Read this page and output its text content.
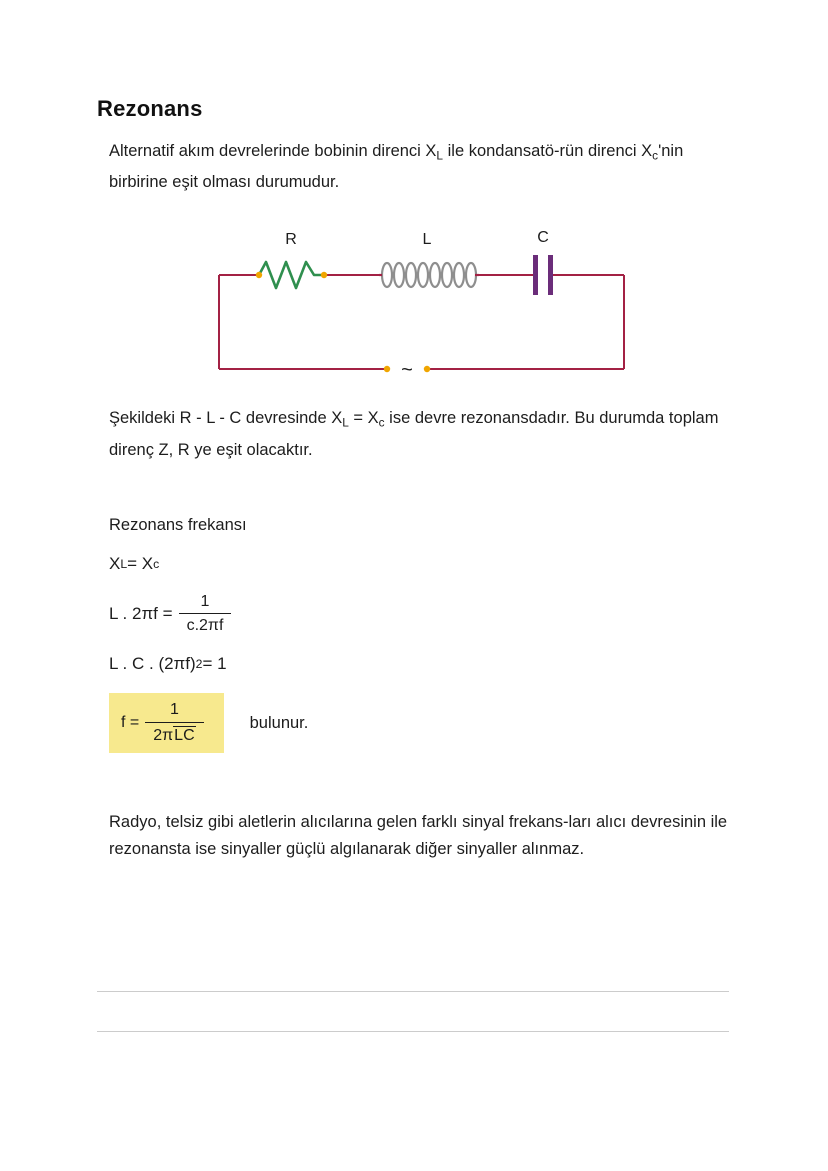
Rezonans

Alternatif akım devrelerinde bobinin direnci $X_L$ ile kondansatö-rün direnci $X_c'nin$ birbirine eşit olması durumudur.

~
R	L	C

Şekildeki R - L - C devresinde $X_L = X_c$ ise devre rezonansdadır. Bu durumda toplam direnç Z, R ye eşit olacaktır.

Rezonans frekansı
X L = X c
L . $2\pi f = \frac{1}{c.2\pi f}$
L . C . (2πf) 2 = 1
$f = \frac{1}{\text{2πLC}}$	bulunur.

Radyo, telsiz gibi aletlerin alıcılarına gelen farklı sinyal frekans-ları alıcı devresinin ile rezonansta ise sinyaller güçlü algılanarak diğer sinyaller alınmaz.
